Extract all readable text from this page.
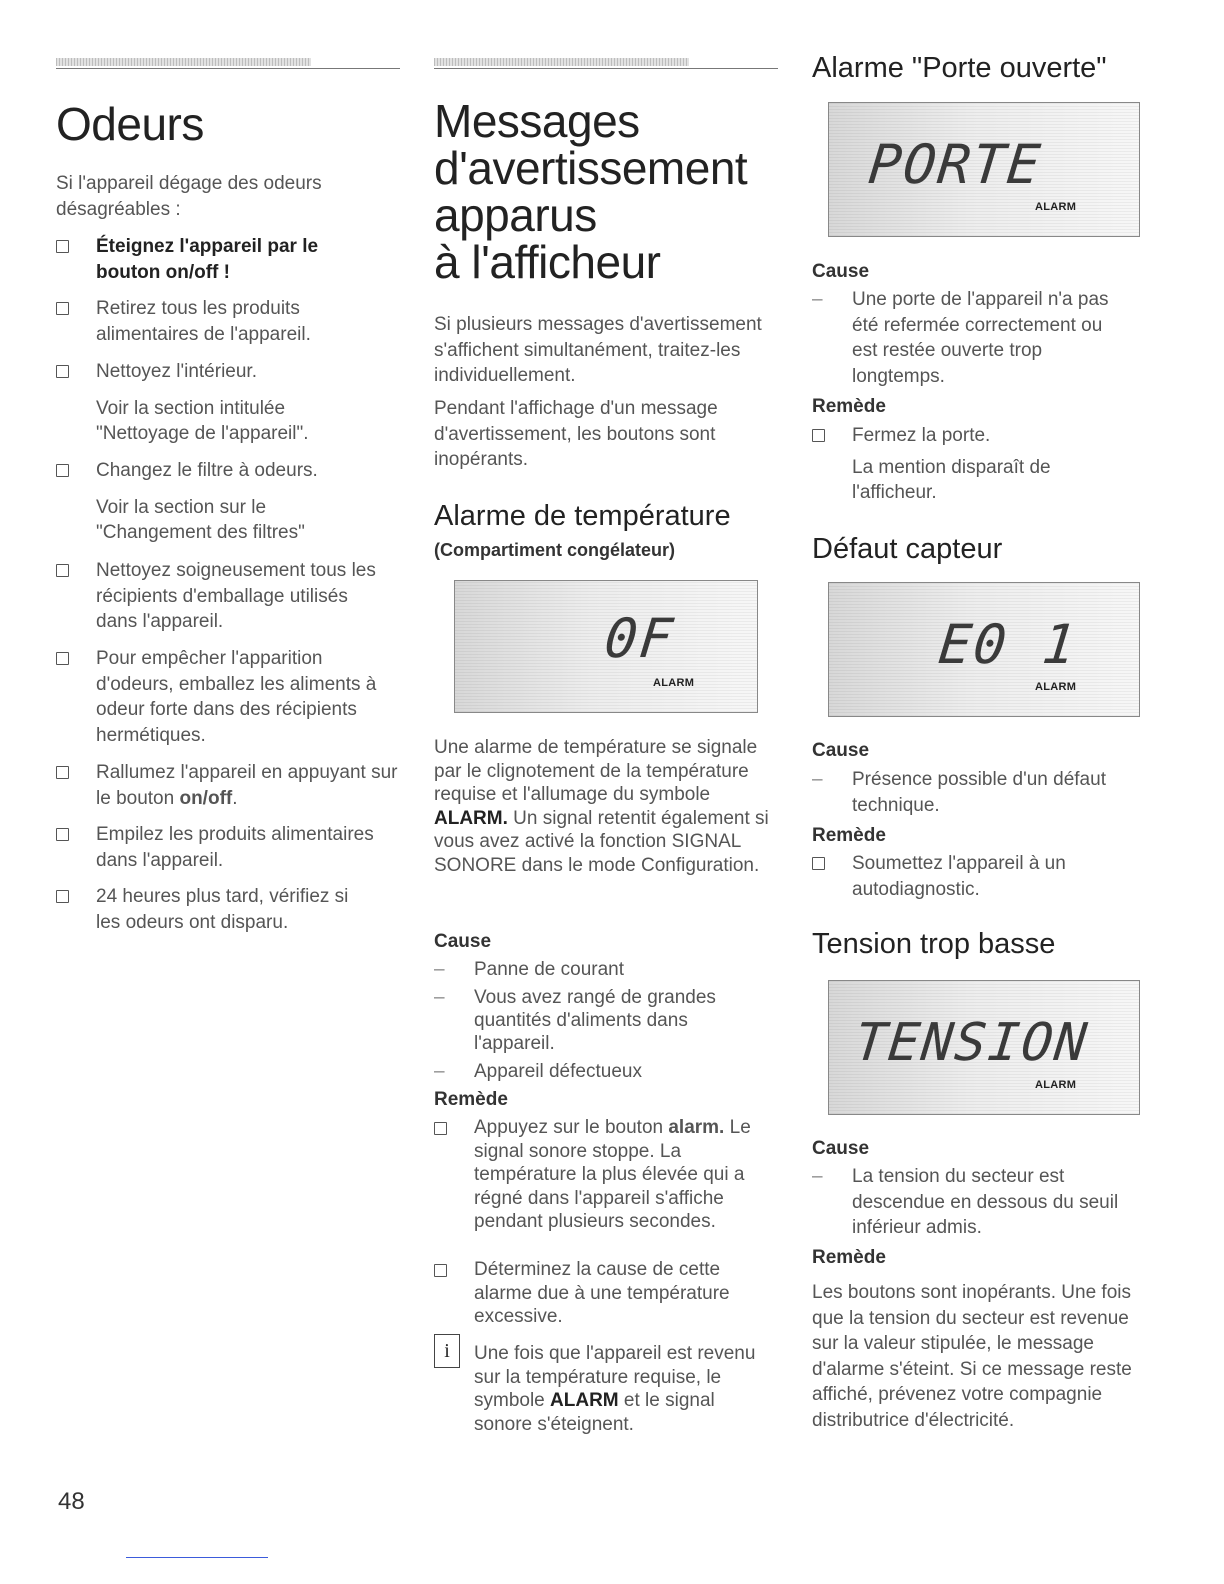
Odeurs
Si l'appareil dégage des odeurs désagréables :
Éteignez l'appareil par le bouton on/off !
Retirez tous les produits alimentaires de l'appareil.
Nettoyez l'intérieur.
Voir la section intitulée "Nettoyage de l'appareil".
Changez le filtre à odeurs.
Voir la section sur le "Changement des filtres"
Nettoyez soigneusement tous les récipients d'emballage utilisés dans l'appareil.
Pour empêcher l'apparition d'odeurs, emballez les aliments à odeur forte dans des récipients hermétiques.
Rallumez l'appareil en appuyant sur le bouton on/off.
Empilez les produits alimentaires dans l'appareil.
24 heures plus tard, vérifiez si les odeurs ont disparu.
Messages
d'avertissement
apparus
à l'afficheur
Si plusieurs messages d'avertissement s'affichent simultanément, traitez-les individuellement.
Pendant l'affichage d'un message d'avertissement, les boutons sont inopérants.
Alarme de température
(Compartiment congélateur)
0F
ALARM
Une alarme de température se signale par le clignotement de la température requise et l'allumage du symbole ALARM. Un signal retentit également si vous avez activé la fonction SIGNAL SONORE dans le mode Configuration.
Cause
– Panne de courant
– Vous avez rangé de grandes quantités d'aliments dans l'appareil.
– Appareil défectueux
Remède
Appuyez sur le bouton alarm. Le signal sonore stoppe. La température la plus élevée qui a régné dans l'appareil s'affiche pendant plusieurs secondes.
Déterminez la cause de cette alarme due à une température excessive.
i	Une fois que l'appareil est revenu sur la température requise, le symbole ALARM et le signal sonore s'éteignent.
Alarme "Porte ouverte"
PORTE
ALARM
Cause
– Une porte de l'appareil n'a pas été refermée correctement ou est restée ouverte trop longtemps.
Remède
Fermez la porte.
La mention disparaît de l'afficheur.
Défaut capteur
E0 1
ALARM
Cause
– Présence possible d'un défaut technique.
Remède
Soumettez l'appareil à un autodiagnostic.
Tension trop basse
TENSION
ALARM
Cause
– La tension du secteur est descendue en dessous du seuil inférieur admis.
Remède
Les boutons sont inopérants. Une fois que la tension du secteur est revenue sur la valeur stipulée, le message d'alarme s'éteint. Si ce message reste affiché, prévenez votre compagnie distributrice d'électricité.
48
